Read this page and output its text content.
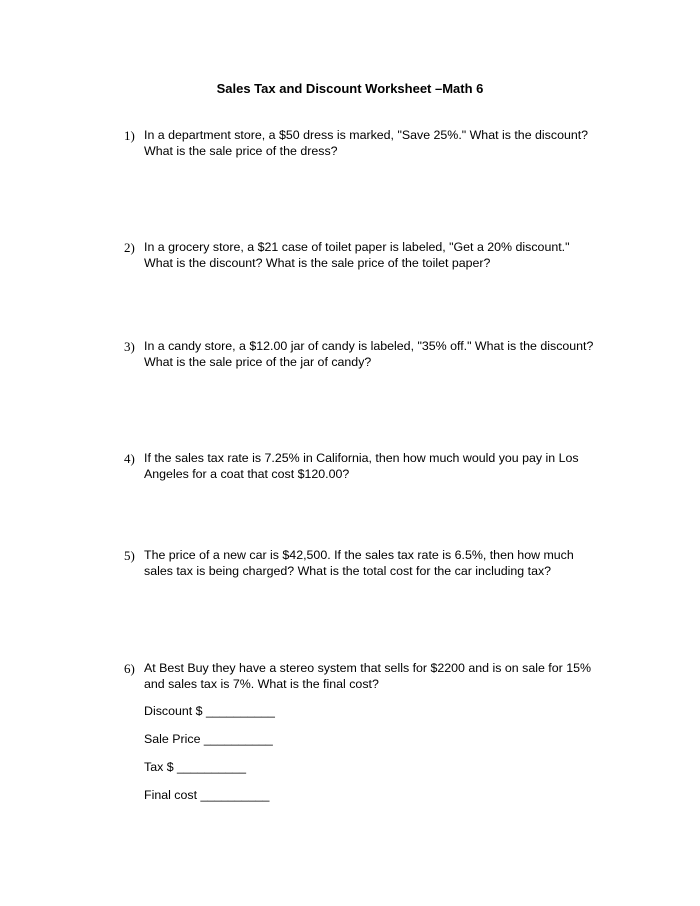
Sales Tax and Discount Worksheet –Math 6
1) In a department store, a $50 dress is marked, "Save 25%." What is the discount? What is the sale price of the dress?
2) In a grocery store, a $21 case of toilet paper is labeled, "Get a 20% discount." What is the discount? What is the sale price of the toilet paper?
3) In a candy store, a $12.00 jar of candy is labeled, "35% off." What is the discount? What is the sale price of the jar of candy?
4) If the sales tax rate is 7.25% in California, then how much would you pay in Los Angeles for a coat that cost $120.00?
5) The price of a new car is $42,500. If the sales tax rate is 6.5%, then how much sales tax is being charged? What is the total cost for the car including tax?
6) At Best Buy they have a stereo system that sells for $2200 and is on sale for 15% and sales tax is 7%. What is the final cost?
Discount $ __________
Sale Price __________
Tax $ __________
Final cost __________
